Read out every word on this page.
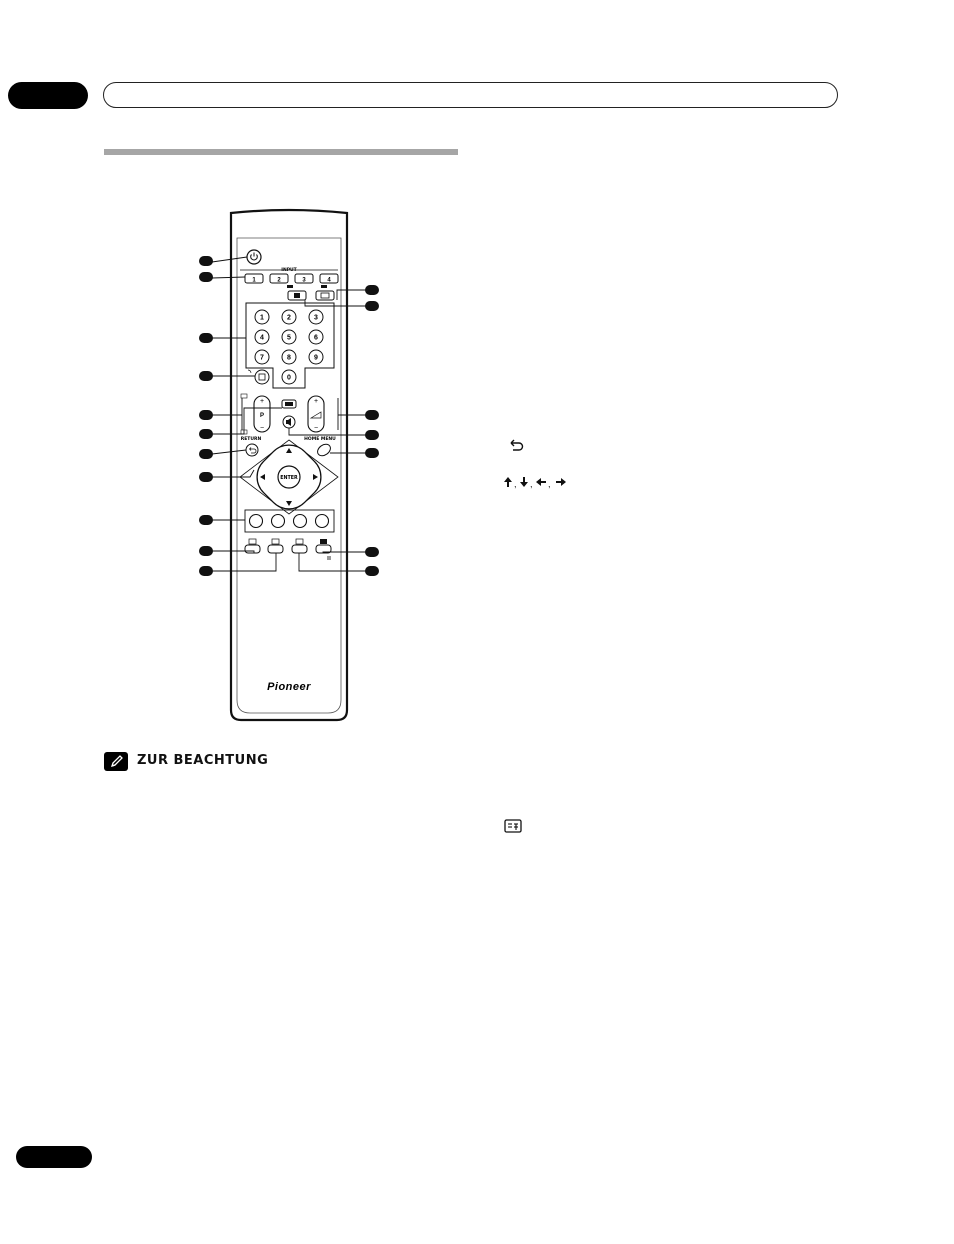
INPUT
1	2	3	4
1	2	3
4	5	6
7	8	9
0
+
P
−
+
−
RETURN	HOME MENU
ENTER
Pioneer
ZUR BEACHTUNG
, , ,
